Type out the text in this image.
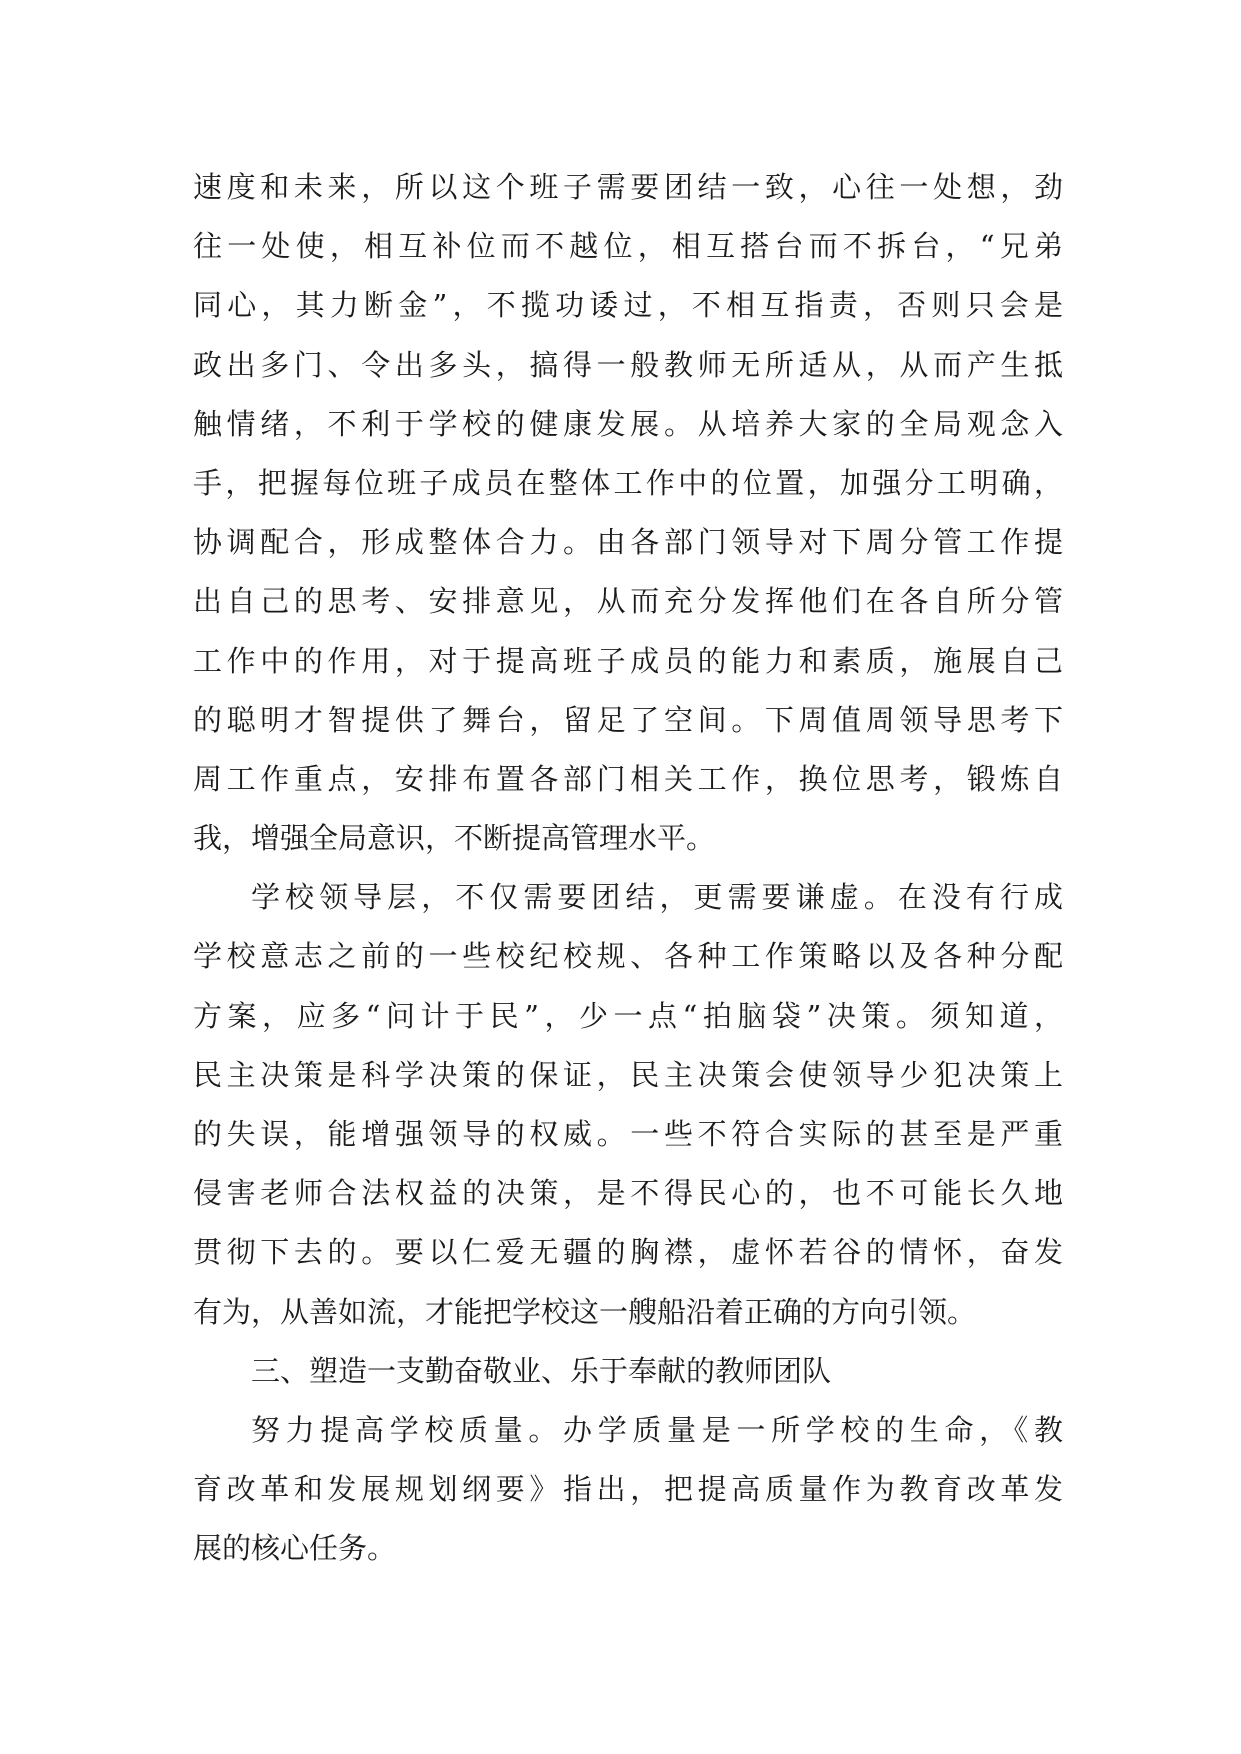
速度和未来，所以这个班子需要团结一致，心往一处想，劲
往一处使，相互补位而不越位，相互搭台而不拆台，“兄弟
同心，其力断金”，不揽功诿过，不相互指责，否则只会是
政出多门、令出多头，搞得一般教师无所适从，从而产生抵
触情绪，不利于学校的健康发展。从培养大家的全局观念入
手，把握每位班子成员在整体工作中的位置，加强分工明确，
协调配合，形成整体合力。由各部门领导对下周分管工作提
出自己的思考、安排意见，从而充分发挥他们在各自所分管
工作中的作用，对于提高班子成员的能力和素质，施展自己
的聪明才智提供了舞台，留足了空间。下周值周领导思考下
周工作重点，安排布置各部门相关工作，换位思考，锻炼自
我，增强全局意识，不断提高管理水平。
学校领导层，不仅需要团结，更需要谦虚。在没有行成
学校意志之前的一些校纪校规、各种工作策略以及各种分配
方案，应多“问计于民”，少一点“拍脑袋”决策。须知道，
民主决策是科学决策的保证，民主决策会使领导少犯决策上
的失误，能增强领导的权威。一些不符合实际的甚至是严重
侵害老师合法权益的决策，是不得民心的，也不可能长久地
贯彻下去的。要以仁爱无疆的胸襟，虚怀若谷的情怀，奋发
有为，从善如流，才能把学校这一艘船沿着正确的方向引领。
三、塑造一支勤奋敬业、乐于奉献的教师团队
努力提高学校质量。办学质量是一所学校的生命，《教
育改革和发展规划纲要》指出，把提高质量作为教育改革发
展的核心任务。
